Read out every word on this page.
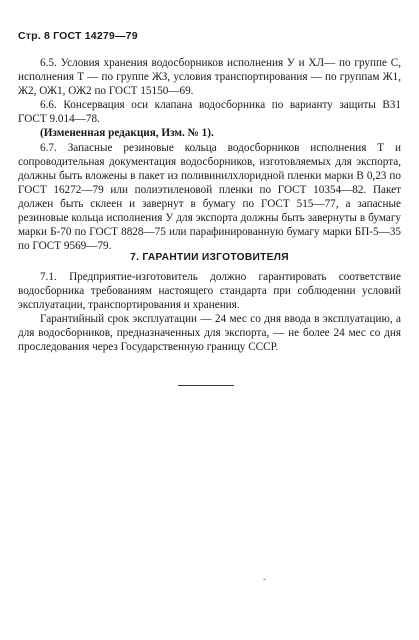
Стр. 8 ГОСТ 14279—79

6.5. Условия хранения водосборников исполнения У и ХЛ— по группе С, исполнения Т — по группе ЖЗ, условия транспортирования — по группам Ж1, Ж2, ОЖ1, ОЖ2 по ГОСТ 15150—69.

6.6. Консервация оси клапана водосборника по варианту защиты В31 ГОСТ 9.014—78.

(Измененная редакция, Изм. № 1).

6.7. Запасные резиновые кольца водосборников исполнения Т и сопроводительная документация водосборников, изготовляемых для экспорта, должны быть вложены в пакет из поливинилхлоридной пленки марки В 0,23 по ГОСТ 16272—79 или полиэтиленовой пленки по ГОСТ 10354—82. Пакет должен быть склеен и завернут в бумагу по ГОСТ 515—77, а запасные резиновые кольца исполнения У для экспорта должны быть завернуты в бумагу марки Б-70 по ГОСТ 8828—75 или парафинированную бумагу марки БП-5—35 по ГОСТ 9569—79.

7. ГАРАНТИИ ИЗГОТОВИТЕЛЯ

7.1. Предприятие-изготовитель должно гарантировать соответствие водосборника требованиям настоящего стандарта при соблюдении условий эксплуатации, транспортирования и хранения.

Гарантийный срок эксплуатации — 24 мес со дня ввода в эксплуатацию, а для водосборников, предназначенных для экспорта, — не более 24 мес со дня проследования через Государственную границу СССР.

-
